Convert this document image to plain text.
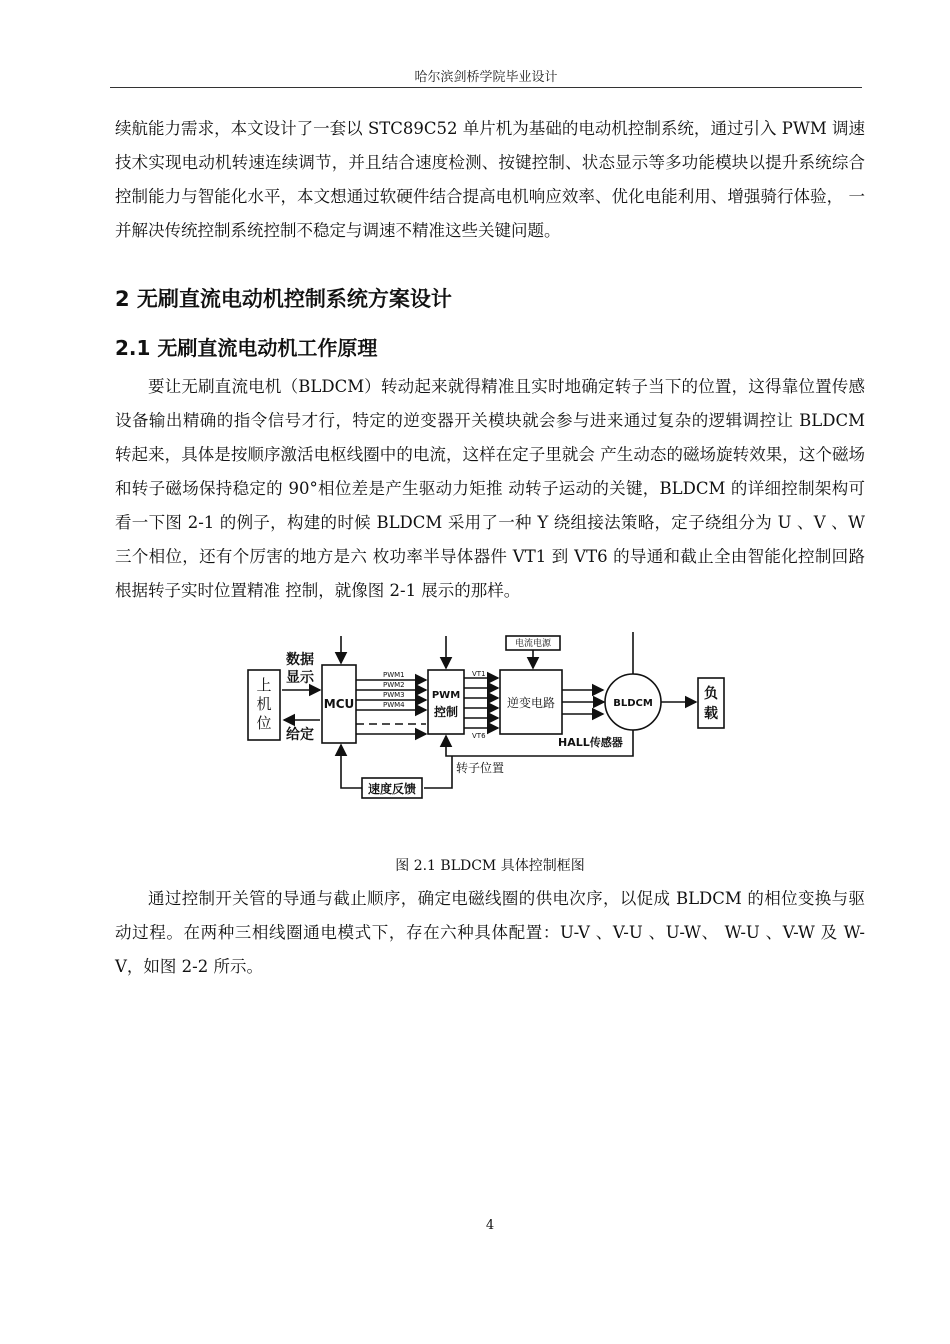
哈尔滨剑桥学院毕业设计

续航能力需求，本文设计了一套以 STC89C52 单片机为基础的电动机控制系统，通过引入 PWM 调速技术实现电动机转速连续调节，并且结合速度检测、按键控制、状态显示等多功能模块以提升系统综合控制能力与智能化水平，本文想通过软硬件结合提高电机响应效率、优化电能利用、增强骑行体验， 一并解决传统控制系统控制不稳定与调速不精准这些关键问题。

2 无刷直流电动机控制系统方案设计
2.1 无刷直流电动机工作原理

要让无刷直流电机（BLDCM）转动起来就得精准且实时地确定转子当下的位置，这得靠位置传感设备输出精确的指令信号才行，特定的逆变器开关模块就会参与进来通过复杂的逻辑调控让 BLDCM 转起来，具体是按顺序激活电枢线圈中的电流，这样在定子里就会 产生动态的磁场旋转效果，这个磁场和转子磁场保持稳定的 90°相位差是产生驱动力矩推 动转子运动的关键，BLDCM 的详细控制架构可看一下图 2-1 的例子，构建的时候 BLDCM 采用了一种 Y 绕组接法策略，定子绕组分为 U 、V 、W 三个相位，还有个厉害的地方是六 枚功率半导体器件 VT1 到 VT6 的导通和截止全由智能化控制回路根据转子实时位置精准 控制，就像图 2-1 展示的那样。

上
机
位
数据
显示
给定
MCU
PWM1
PWM2
PWM3
PWM4
PWM
控制
VT1
VT6
电流电源
逆变电路	BLDCM
HALL传感器
负
载
转子位置
速度反馈
图 2.1 BLDCM 具体控制框图

通过控制开关管的导通与截止顺序，确定电磁线圈的供电次序，以促成 BLDCM 的相位变换与驱动过程。在两种三相线圈通电模式下，存在六种具体配置：U-V 、V-U 、U-W、 W-U 、V-W 及 W-V，如图 2-2 所示。

4
